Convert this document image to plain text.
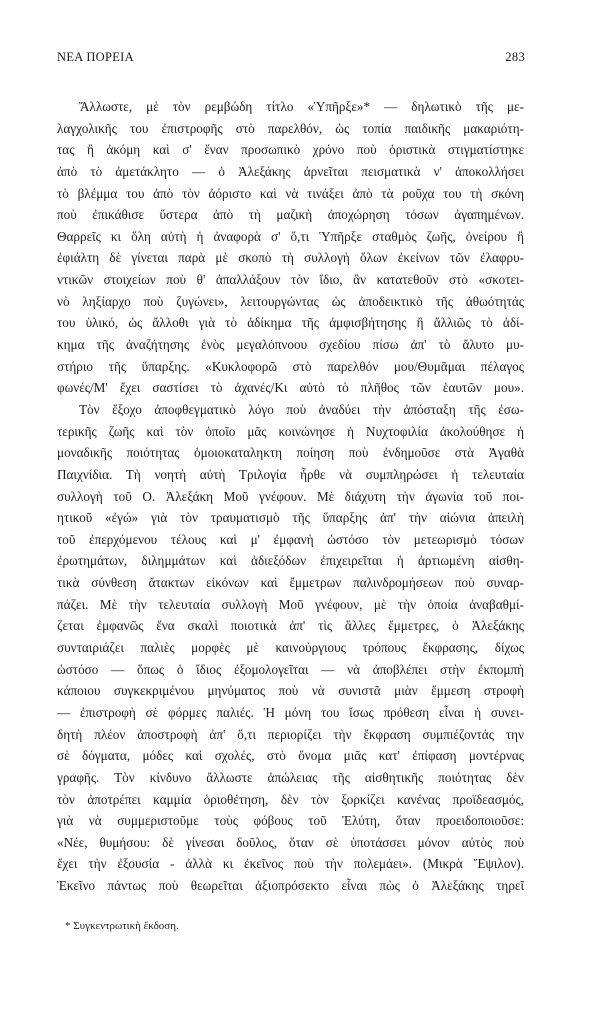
ΝΕΑ ΠΟΡΕΙΑ	283
Ἄλλωστε, μὲ τὸν ρεμβώδη τίτλο «Ὑπῆρξε»* — δηλωτικὸ τῆς με-
λαγχολικῆς του ἐπιστροφῆς στὸ παρελθόν, ὡς τοπία παιδικῆς μακαριότη-
τας ἢ ἀκόμη καὶ σ' ἕναν προσωπικὸ χρόνο ποὺ ὁριστικὰ στιγματίστηκε
ἀπὸ τὸ ἀμετάκλητο — ὁ Ἀλεξάκης ἀρνεῖται πεισματικὰ ν' ἀποκολλήσει
τὸ βλέμμα του ἀπὸ τὸν ἀόριστο καὶ νὰ τινάξει ἀπὸ τὰ ροῦχα του τὴ σκόνη
ποὺ ἐπικάθισε ὕστερα ἀπὸ τὴ μαζικὴ ἀποχώρηση τόσων ἀγαπημένων.
Θαρρεῖς κι ὅλη αὐτὴ ἡ ἀναφορὰ σ' ὅ,τι Ὑπῆρξε σταθμὸς ζωῆς, ὀνείρου ἢ
ἐφιάλτη δὲ γίνεται παρὰ μὲ σκοπὸ τὴ συλλογὴ ὅλων ἐκείνων τῶν ἐλαφρυ-
ντικῶν στοιχείων ποὺ θ' ἀπαλλάξουν τὸν ἴδιο, ἂν κατατεθοῦν στὸ «σκοτει-
νὸ ληξίαρχο ποὺ ζυγώνει», λειτουργώντας ὡς ἀποδεικτικὸ τῆς ἀθωότητάς
του ὑλικό, ὡς ἄλλοθι γιὰ τὸ ἀδίκημα τῆς ἀμφισβήτησης ἢ ἄλλιῶς τὸ ἀδί-
κημα τῆς ἀναζήτησης ἑνὸς μεγαλόπνοου σχεδίου πίσω ἀπ' τὸ ἄλυτο μυ-
στήριο τῆς ὕπαρξης. «Κυκλοφορῶ στὸ παρελθόν μου/Θυμᾶμαι πέλαγος
φωνές/Μ' ἔχει σαστίσει τὸ ἀχανές/Κι αὐτὸ τὸ πλῆθος τῶν ἑαυτῶν μου».
Τὸν ἔξοχο ἀποφθεγματικὸ λόγο ποὺ ἀναδύει τὴν ἀπόσταξη τῆς ἐσω-
τερικῆς ζωῆς καὶ τὸν ὁποῖο μᾶς κοινώνησε ἡ Νυχτοφιλία ἀκολούθησε ἡ
μοναδικῆς ποιότητας ὁμοιοκαταληκτη ποίηση ποὺ ἐνδημοῦσε στὰ Ἀγαθὰ
Παιχνίδια. Τὴ νοητὴ αὐτὴ Τριλογία ἦρθε νὰ συμπληρώσει ἡ τελευταία
συλλογὴ τοῦ Ο. Ἀλεξάκη Μοῦ γνέφουν. Μὲ διάχυτη τὴν ἀγωνία τοῦ ποι-
ητικοῦ «ἐγώ» γιὰ τὸν τραυματισμὸ τῆς ὕπαρξης ἀπ' τὴν αἰώνια ἀπειλὴ
τοῦ ἐπερχόμενου τέλους καὶ μ' ἐμφανὴ ὡστόσο τὸν μετεωρισμὸ τόσων
ἐρωτημάτων, διλημμάτων καὶ ἀδιεξόδων ἐπιχειρεῖται ἡ ἀρτιωμένη αἰσθη-
τικὰ σύνθεση ἄτακτων εἰκόνων καὶ ἔμμετρων παλινδρομήσεων ποὺ συναρ-
πάζει. Μὲ τὴν τελευταία συλλογὴ Μοῦ γνέφουν, μὲ τὴν ὁποία ἀναβαθμί-
ζεται ἐμφανῶς ἕνα σκαλὶ ποιοτικὰ ἀπ' τὶς ἄλλες ἔμμετρες, ὁ Ἀλεξάκης
συνταιριάζει παλιὲς μορφὲς μὲ καινούργιους τρόπους ἔκφρασης, δίχως
ὡστόσο — ὅπως ὁ ἴδιος ἐξομολογεῖται — νὰ ἀποβλέπει στὴν ἐκπομπὴ
κάποιου συγκεκριμένου μηνύματος ποὺ νὰ συνιστᾶ μιὰν ἔμμεση στροφὴ
— ἐπιστροφὴ σὲ φόρμες παλιές. Ἡ μόνη του ἴσως πρόθεση εἶναι ἡ συνει-
δητὴ πλέον ἀποστροφὴ ἀπ' ὅ,τι περιορίζει τὴν ἔκφραση συμπιέζοντάς την
σὲ δόγματα, μόδες καὶ σχολές, στὸ ὄνομα μιᾶς κατ' ἐπίφαση μοντέρνας
γραφῆς. Τὸν κίνδυνο ἄλλωστε ἀπώλειας τῆς αἰσθητικῆς ποιότητας δὲν
τὸν ἀποτρέπει καμμία ὁριοθέτηση, δὲν τὸν ξορκίζει κανένας προϊδεασμός,
γιὰ νὰ συμμεριστοῦμε τοὺς φόβους τοῦ Ἐλύτη, ὅταν προειδοποιοῦσε:
«Νέε, θυμήσου: δὲ γίνεσαι δοῦλος, ὅταν σὲ ὑποτάσσει μόνον αὐτὸς ποὺ
ἔχει τὴν ἐξουσία - ἀλλὰ κι ἐκεῖνος ποὺ τὴν πολεμάει». (Μικρὰ Ἔψιλον).
Ἐκεῖνο πάντως ποὺ θεωρεῖται ἀξιοπρόσεκτο εἶναι πὼς ὁ Ἀλεξάκης τηρεῖ
* Συγκεντρωτικὴ ἔκδοση.
